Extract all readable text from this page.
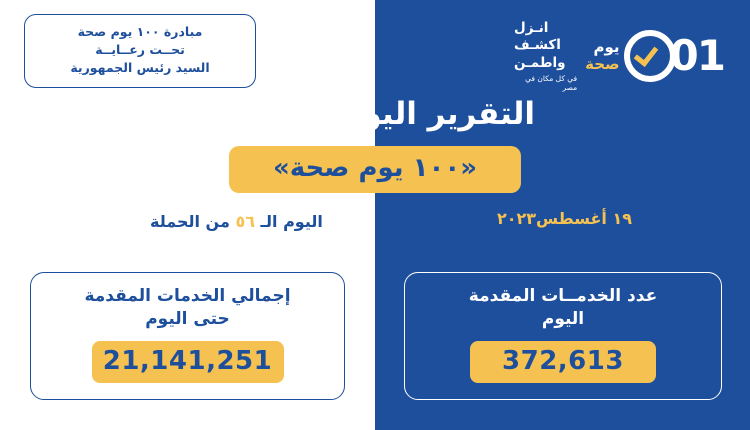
مبادرة ١٠٠ يوم صحة
تحــت رعــايــة
السيد رئيس الجمهورية
انـزل
اكشـف
واطمـن
في كل مكان في مصر
1
0
يوم
صحة
التقرير اليومي لحملة
«١٠٠ يوم صحة»
اليوم الـ ٥٦ من الحملة	١٩ أغسطس٢٠٢٣
إجمالي الخدمات المقدمة
حتى اليوم
21,141,251
عدد الخدمــات المقدمة
اليوم
372,613
